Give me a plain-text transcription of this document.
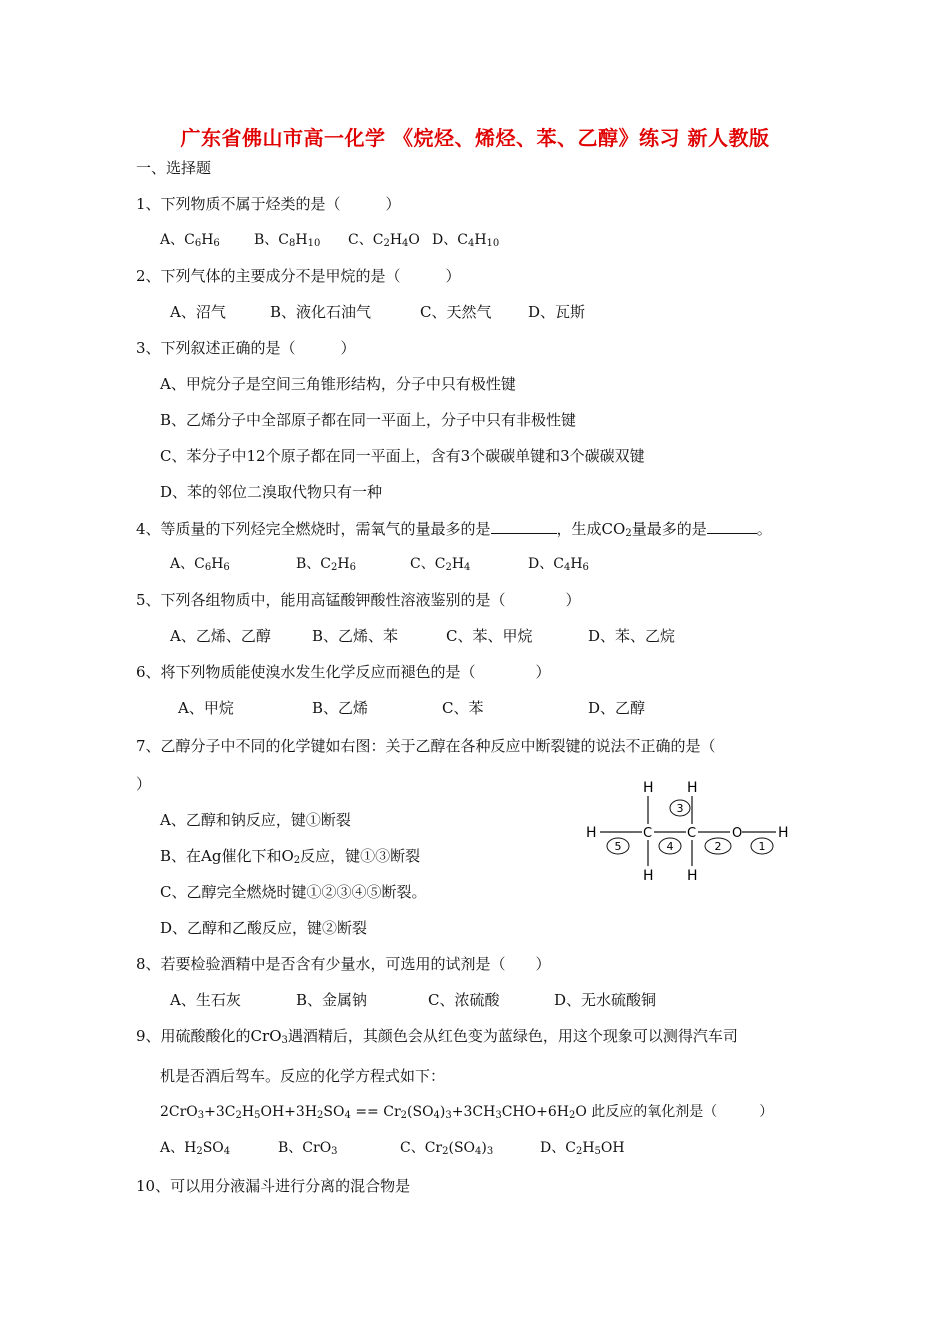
广东省佛山市高一化学 《烷烃、烯烃、苯、乙醇》练习 新人教版
一、选择题
1、下列物质不属于烃类的是（　　　）
A、$C_6H_6$ B、$C_8H_{10}$ C、$C_2H_4O$ D、$C_4H_{10}$
2、下列气体的主要成分不是甲烷的是（　　　）
A、沼气	B、液化石油气	C、天然气 D、瓦斯
3、下列叙述正确的是（　　　）
A、甲烷分子是空间三角锥形结构，分子中只有极性键
B、乙烯分子中全部原子都在同一平面上，分子中只有非极性键
C、苯分子中12个原子都在同一平面上，含有3个碳碳单键和3个碳碳双键
D、苯的邻位二溴取代物只有一种
4、等质量的下列烃完全燃烧时，需氧气的量最多的是	，生成$CO_2$量最多的是	。
A、$C_6H_6$	B、$C_2H_6$	C、$C_2H_4$	D、$C_4H_6$
5、下列各组物质中，能用高锰酸钾酸性溶液鉴别的是（　　　　）
A、乙烯、乙醇	B、乙烯、苯	C、苯、甲烷	D、苯、乙烷
6、将下列物质能使溴水发生化学反应而褪色的是（　　　　）
A、甲烷	B、乙烯	C、苯	D、乙醇
7、乙醇分子中不同的化学键如右图：关于乙醇在各种反应中断裂键的说法不正确的是（
）
A、乙醇和钠反应，键①断裂
B、在Ag催化下和$O_2$反应，键①③断裂
C、乙醇完全燃烧时键①②③④⑤断裂。
D、乙醇和乙酸反应，键②断裂
H	C	C	O	H
H H
H H
5	4	2	1
3
8、若要检验酒精中是否含有少量水，可选用的试剂是（　　）
A、生石灰	B、金属钠	C、浓硫酸	D、无水硫酸铜
9、用硫酸酸化的CrO$_3$遇酒精后，其颜色会从红色变为蓝绿色，用这个现象可以测得汽车司
机是否酒后驾车。反应的化学方程式如下：
$2CrO_3+3C_2H_5OH+3H_2SO_4 == Cr_2(SO_4)_3+3CH_3CHO+6H_2O$ 此反应的氧化剂是（　　　）
A、$H_2SO_4$	B、CrO$_3$	C、$Cr_2(SO_4)_3$	D、$C_2H_5OH$
10、可以用分液漏斗进行分离的混合物是
